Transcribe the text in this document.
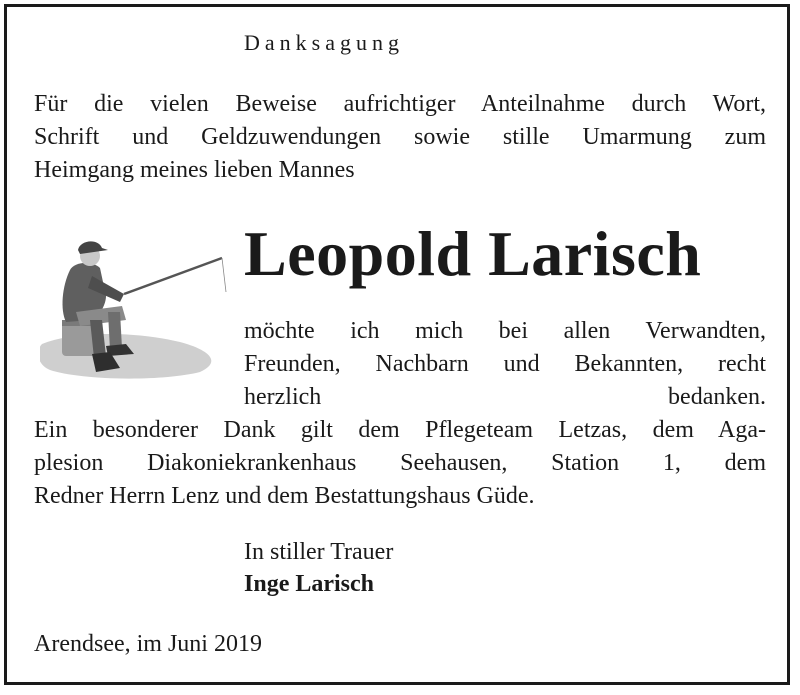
Danksagung

Für die vielen Beweise aufrichtiger Anteilnahme durch Wort,

Schrift und Geldzuwendungen sowie stille Umarmung zum

Heimgang meines lieben Mannes

Leopold Larisch

möchte ich mich bei allen Verwandten,

Freunden, Nachbarn und Bekannten, recht

herzlich bedanken.

Ein besonderer Dank gilt dem Pflegeteam Letzas, dem Aga-

plesion Diakoniekrankenhaus Seehausen, Station 1, dem

Redner Herrn Lenz und dem Bestattungshaus Güde.

In stiller Trauer

Inge Larisch

Arendsee, im Juni 2019
